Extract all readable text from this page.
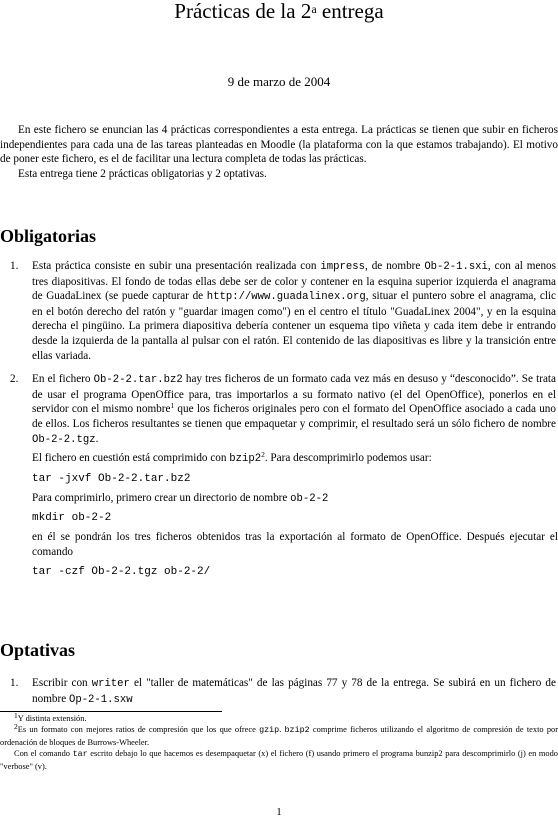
Prácticas de la 2$^a$ entrega
9 de marzo de 2004

En este fichero se enuncian las 4 prácticas correspondientes a esta entrega. La prácticas se tienen que subir en ficheros independientes para cada una de las tareas planteadas en Moodle (la plataforma con la que estamos trabajando). El motivo de poner este fichero, es el de facilitar una lectura completa de todas las prácticas.

Esta entrega tiene 2 prácticas obligatorias y 2 optativas.

Obligatorias
1. Esta práctica consiste en subir una presentación realizada con impress, de nombre Ob-2-1.sxi, con al menos tres diapositivas. El fondo de todas ellas debe ser de color y contener en la esquina superior izquierda el anagrama de GuadaLinex (se puede capturar de http://www.guadalinex.org, situar el puntero sobre el anagrama, clic en el botón derecho del ratón y "guardar imagen como") en el centro el título "GuadaLinex 2004", y en la esquina derecha el pingüino. La primera diapositiva debería contener un esquema tipo viñeta y cada item debe ir entrando desde la izquierda de la pantalla al pulsar con el ratón. El contenido de las diapositivas es libre y la transición entre ellas variada.

2. En el fichero Ob-2-2.tar.bz2 hay tres ficheros de un formato cada vez más en desuso y “desconocido”. Se trata de usar el programa OpenOffice para, tras importarlos a su formato nativo (el del OpenOffice), ponerlos en el servidor con el mismo nombre$^1$ que los ficheros originales pero con el formato del OpenOffice asociado a cada uno de ellos. Los ficheros resultantes se tienen que empaquetar y comprimir, el resultado será un sólo fichero de nombre Ob-2-2.tgz.

El fichero en cuestión está comprimido con bzip2$^2$. Para descomprimirlo podemos usar:

tar -jxvf Ob-2-2.tar.bz2

Para comprimirlo, primero crear un directorio de nombre ob-2-2

mkdir ob-2-2

en él se pondrán los tres ficheros obtenidos tras la exportación al formato de OpenOffice. Después ejecutar el comando

tar -czf Ob-2-2.tgz ob-2-2/
Optativas
1. Escribir con writer el "taller de matemáticas" de las páginas 77 y 78 de la entrega. Se subirá en un fichero de nombre Op-2-1.sxw

$^1$Y distinta extensión.

$^2$Es un formato con mejores ratios de compresión que los que ofrece gzip. bzip2 comprime ficheros utilizando el algoritmo de compresión de texto por ordenación de bloques de Burrows-Wheeler.

Con el comando tar escrito debajo lo que hacemos es desempaquetar (x) el fichero (f) usando primero el programa bunzip2 para descomprimirlo (j) en modo "verbose" (v).

1
